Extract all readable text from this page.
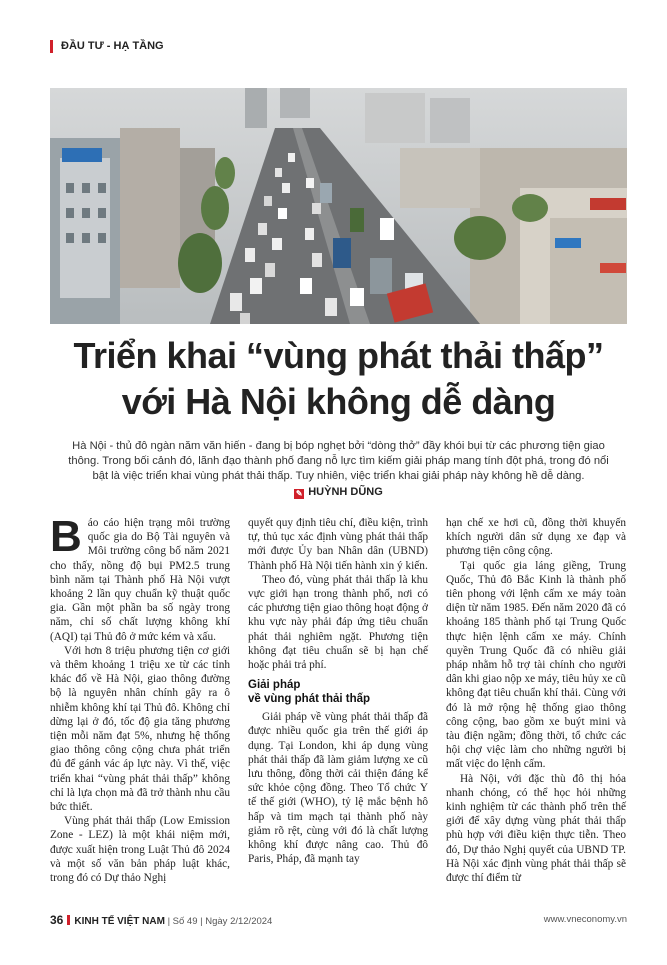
ĐẦU TƯ - HẠ TẦNG
Triển khai “vùng phát thải thấp”
với Hà Nội không dễ dàng
Hà Nội - thủ đô ngàn năm văn hiến - đang bị bóp nghẹt bởi “dòng thở” đầy khói bụi từ các phương tiện giao thông. Trong bối cảnh đó, lãnh đạo thành phố đang nỗ lực tìm kiếm giải pháp mang tính đột phá, trong đó nổi bật là việc triển khai vùng phát thải thấp. Tuy nhiên, việc triển khai giải pháp này không hề dễ dàng.
✎ HUỲNH DŨNG

Báo cáo hiện trạng môi trường quốc gia do Bộ Tài nguyên và Môi trường công bố năm 2021 cho thấy, nồng độ bụi PM2.5 trung bình năm tại Thành phố Hà Nội vượt khoảng 2 lần quy chuẩn kỹ thuật quốc gia. Gần một phần ba số ngày trong năm, chỉ số chất lượng không khí (AQI) tại Thủ đô ở mức kém và xấu.

Với hơn 8 triệu phương tiện cơ giới và thêm khoảng 1 triệu xe từ các tỉnh khác đổ về Hà Nội, giao thông đường bộ là nguyên nhân chính gây ra ô nhiễm không khí tại Thủ đô. Không chỉ dừng lại ở đó, tốc độ gia tăng phương tiện mỗi năm đạt 5%, nhưng hệ thống giao thông công cộng chưa phát triển đủ để gánh vác áp lực này. Vì thế, việc triển khai “vùng phát thải thấp” không chỉ là lựa chọn mà đã trở thành nhu cầu bức thiết.

Vùng phát thải thấp (Low Emission Zone - LEZ) là một khái niệm mới, được xuất hiện trong Luật Thủ đô 2024 và một số văn bản pháp luật khác, trong đó có Dự thảo Nghị

quyết quy định tiêu chí, điều kiện, trình tự, thủ tục xác định vùng phát thải thấp mới được Ủy ban Nhân dân (UBND) Thành phố Hà Nội tiến hành xin ý kiến.

Theo đó, vùng phát thải thấp là khu vực giới hạn trong thành phố, nơi có các phương tiện giao thông hoạt động ở khu vực này phải đáp ứng tiêu chuẩn phát thải nghiêm ngặt. Phương tiện không đạt tiêu chuẩn sẽ bị hạn chế hoặc phải trả phí.

Giải pháp
về vùng phát thải thấp

Giải pháp về vùng phát thải thấp đã được nhiều quốc gia trên thế giới áp dụng. Tại London, khi áp dụng vùng phát thải thấp đã làm giảm lượng xe cũ lưu thông, đồng thời cải thiện đáng kể sức khỏe cộng đồng. Theo Tổ chức Y tế thế giới (WHO), tỷ lệ mắc bệnh hô hấp và tim mạch tại thành phố này giảm rõ rệt, cùng với đó là chất lượng không khí được nâng cao. Thủ đô Paris, Pháp, đã mạnh tay

hạn chế xe hơi cũ, đồng thời khuyến khích người dân sử dụng xe đạp và phương tiện công cộng.

Tại quốc gia láng giềng, Trung Quốc, Thủ đô Bắc Kinh là thành phố tiên phong với lệnh cấm xe máy toàn diện từ năm 1985. Đến năm 2020 đã có khoảng 185 thành phố tại Trung Quốc thực hiện lệnh cấm xe máy. Chính quyền Trung Quốc đã có nhiều giải pháp nhằm hỗ trợ tài chính cho người dân khi giao nộp xe máy, tiêu hủy xe cũ không đạt tiêu chuẩn khí thải. Cùng với đó là mở rộng hệ thống giao thông công cộng, bao gồm xe buýt mini và tàu điện ngầm; đồng thời, tổ chức các hội chợ việc làm cho những người bị mất việc do lệnh cấm.

Hà Nội, với đặc thù đô thị hóa nhanh chóng, có thể học hỏi những kinh nghiệm từ các thành phố trên thế giới để xây dựng vùng phát thải thấp phù hợp với điều kiện thực tiễn. Theo đó, Dự thảo Nghị quyết của UBND TP. Hà Nội xác định vùng phát thải thấp sẽ được thí điểm từ

36 KINH TẾ VIỆT NAM | Số 49 | Ngày 2/12/2024	www.vneconomy.vn
